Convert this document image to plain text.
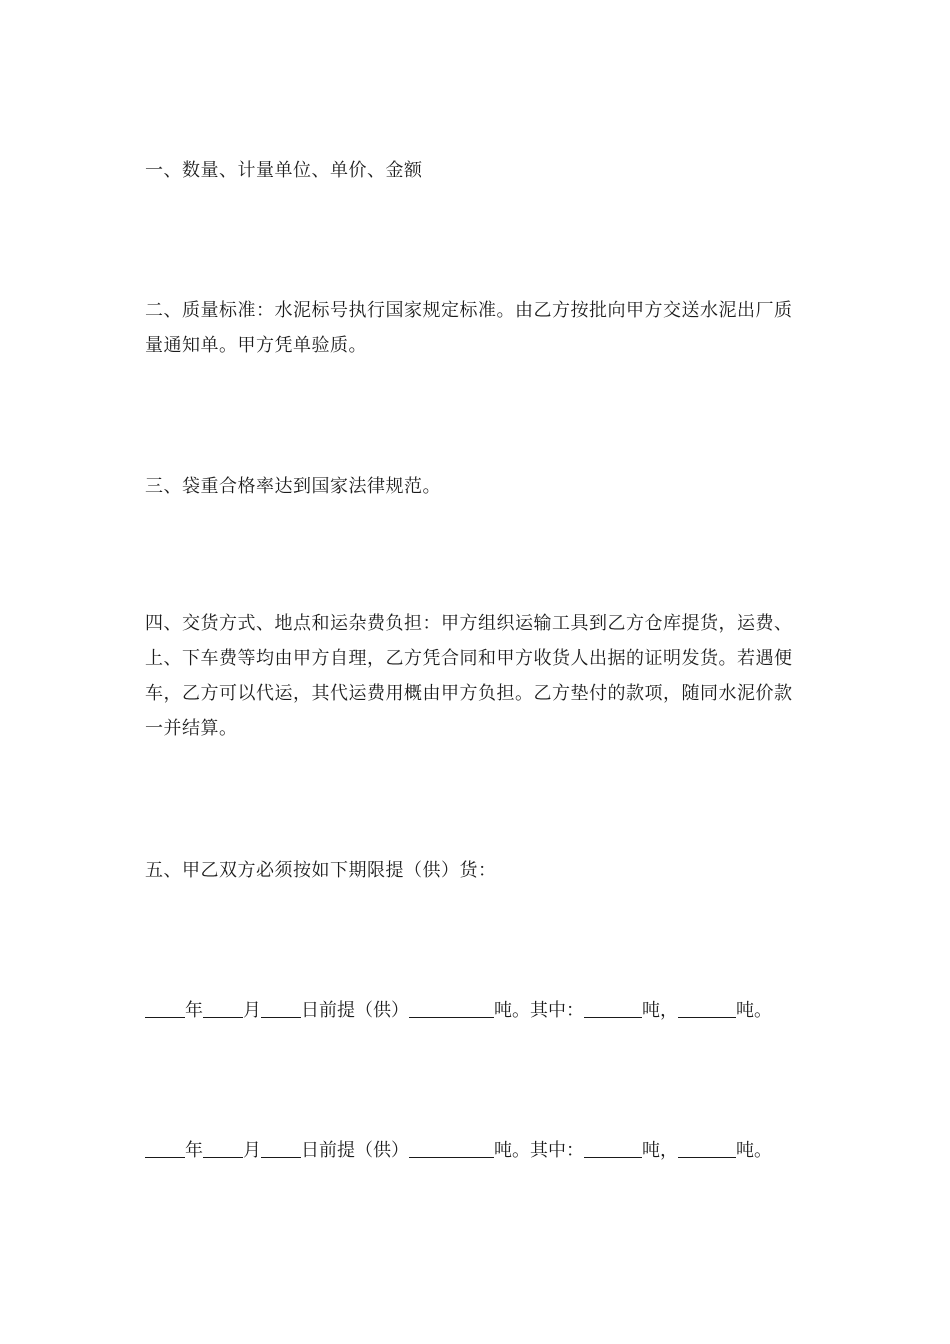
一、数量、计量单位、单价、金额

二、质量标准：水泥标号执行国家规定标准。由乙方按批向甲方交送水泥出厂质量通知单。甲方凭单验质。

三、袋重合格率达到国家法律规范。

四、交货方式、地点和运杂费负担：甲方组织运输工具到乙方仓库提货，运费、上、下车费等均由甲方自理，乙方凭合同和甲方收货人出据的证明发货。若遇便车，乙方可以代运，其代运费用概由甲方负担。乙方垫付的款项，随同水泥价款一并结算。

五、甲乙双方必须按如下期限提（供）货：

年 月 日前提（供）	吨。其中：	吨，	吨。

年 月 日前提（供）	吨。其中：	吨，	吨。
